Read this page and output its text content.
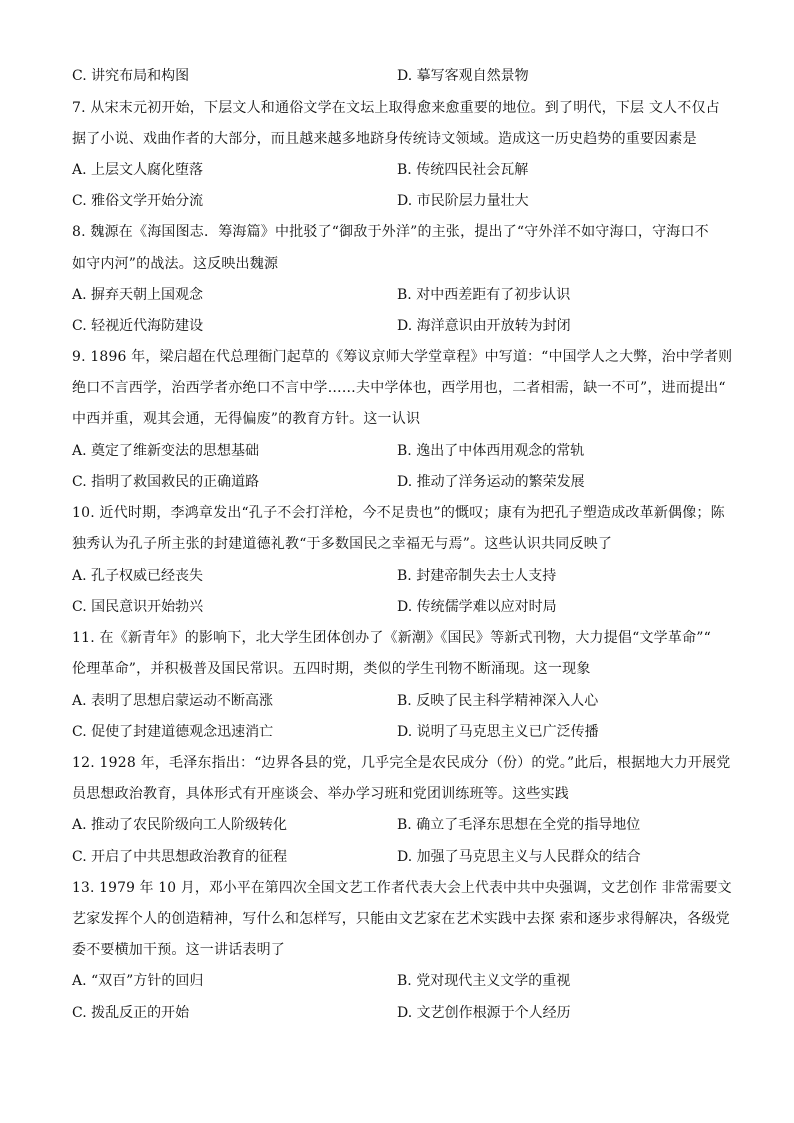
C. 讲究布局和构图	D. 摹写客观自然景物
7. 从宋末元初开始，下层文人和通俗文学在文坛上取得愈来愈重要的地位。到了明代，下层 文人不仅占
据了小说、戏曲作者的大部分，而且越来越多地跻身传统诗文领域。造成这一历史趋势的重要因素是
A. 上层文人腐化堕落	B. 传统四民社会瓦解
C. 雅俗文学开始分流	D. 市民阶层力量壮大
8. 魏源在《海国图志．筹海篇》中批驳了“御敌于外洋”的主张，提出了“守外洋不如守海口，守海口不
如守内河”的战法。这反映出魏源
A. 摒弃天朝上国观念	B. 对中西差距有了初步认识
C. 轻视近代海防建设	D. 海洋意识由开放转为封闭
9. 1896 年，梁启超在代总理衙门起草的《筹议京师大学堂章程》中写道：“中国学人之大弊，治中学者则
绝口不言西学，治西学者亦绝口不言中学……夫中学体也，西学用也，二者相需，缺一不可”，进而提出“
中西并重，观其会通，无得偏废”的教育方针。这一认识
A. 奠定了维新变法的思想基础	B. 逸出了中体西用观念的常轨
C. 指明了救国救民的正确道路	D. 推动了洋务运动的繁荣发展
10. 近代时期，李鸿章发出“孔子不会打洋枪，今不足贵也”的慨叹；康有为把孔子塑造成改革新偶像；陈
独秀认为孔子所主张的封建道德礼教“于多数国民之幸福无与焉”。这些认识共同反映了
A. 孔子权威已经丧失	B. 封建帝制失去士人支持
C. 国民意识开始勃兴	D. 传统儒学难以应对时局
11. 在《新青年》的影响下，北大学生团体创办了《新潮》《国民》等新式刊物，大力提倡“文学革命”“
伦理革命”，并积极普及国民常识。五四时期，类似的学生刊物不断涌现。这一现象
A. 表明了思想启蒙运动不断高涨	B. 反映了民主科学精神深入人心
C. 促使了封建道德观念迅速消亡	D. 说明了马克思主义已广泛传播
12. 1928 年，毛泽东指出：“边界各县的党，几乎完全是农民成分（份）的党。”此后，根据地大力开展党
员思想政治教育，具体形式有开座谈会、举办学习班和党团训练班等。这些实践
A. 推动了农民阶级向工人阶级转化	B. 确立了毛泽东思想在全党的指导地位
C. 开启了中共思想政治教育的征程	D. 加强了马克思主义与人民群众的结合
13. 1979 年 10 月，邓小平在第四次全国文艺工作者代表大会上代表中共中央强调，文艺创作 非常需要文
艺家发挥个人的创造精神，写什么和怎样写，只能由文艺家在艺术实践中去探 索和逐步求得解决，各级党
委不要横加干预。这一讲话表明了
A. “双百”方针的回归	B. 党对现代主义文学的重视
C. 拨乱反正的开始	D. 文艺创作根源于个人经历
